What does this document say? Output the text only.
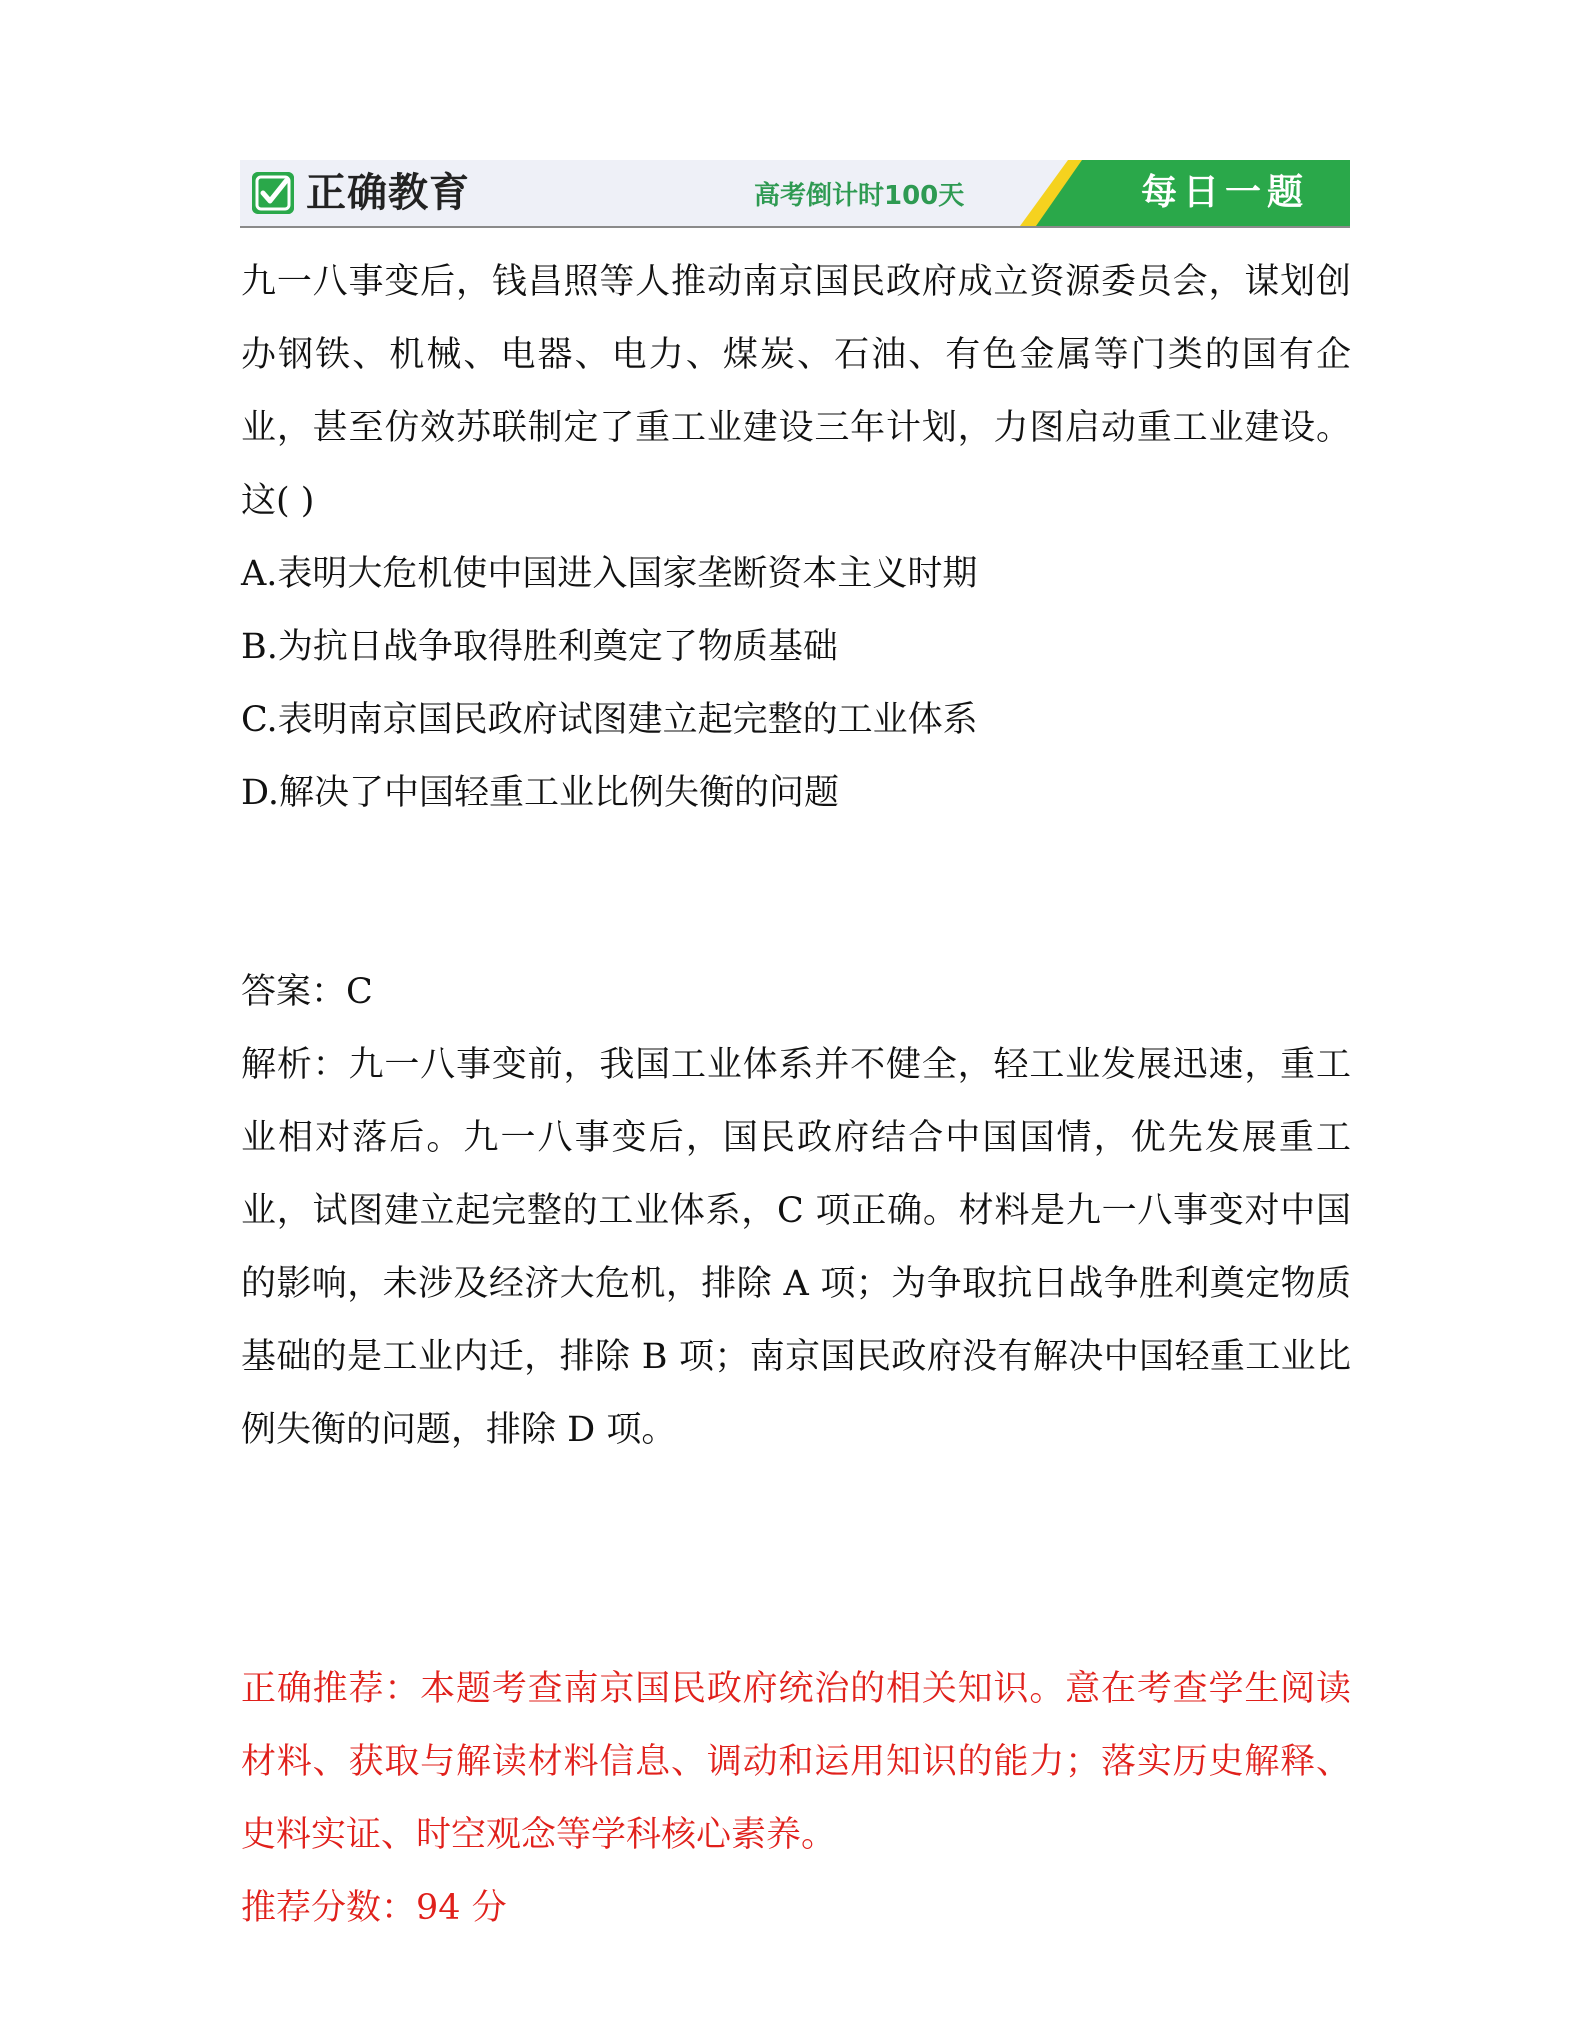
正确教育	高考倒计时100天	每日一题

九一八事变后，钱昌照等人推动南京国民政府成立资源委员会，谋划创办钢铁、机械、电器、电力、煤炭、石油、有色金属等门类的国有企业，甚至仿效苏联制定了重工业建设三年计划，力图启动重工业建设。这( )

A.表明大危机使中国进入国家垄断资本主义时期

B.为抗日战争取得胜利奠定了物质基础

C.表明南京国民政府试图建立起完整的工业体系

D.解决了中国轻重工业比例失衡的问题

答案：C

解析：九一八事变前，我国工业体系并不健全，轻工业发展迅速，重工业相对落后。九一八事变后，国民政府结合中国国情，优先发展重工业，试图建立起完整的工业体系，C 项正确。材料是九一八事变对中国的影响，未涉及经济大危机，排除 A 项；为争取抗日战争胜利奠定物质基础的是工业内迁，排除 B 项；南京国民政府没有解决中国轻重工业比例失衡的问题，排除 D 项。

正确推荐：本题考查南京国民政府统治的相关知识。意在考查学生阅读材料、获取与解读材料信息、调动和运用知识的能力；落实历史解释、史料实证、时空观念等学科核心素养。

推荐分数：94 分
